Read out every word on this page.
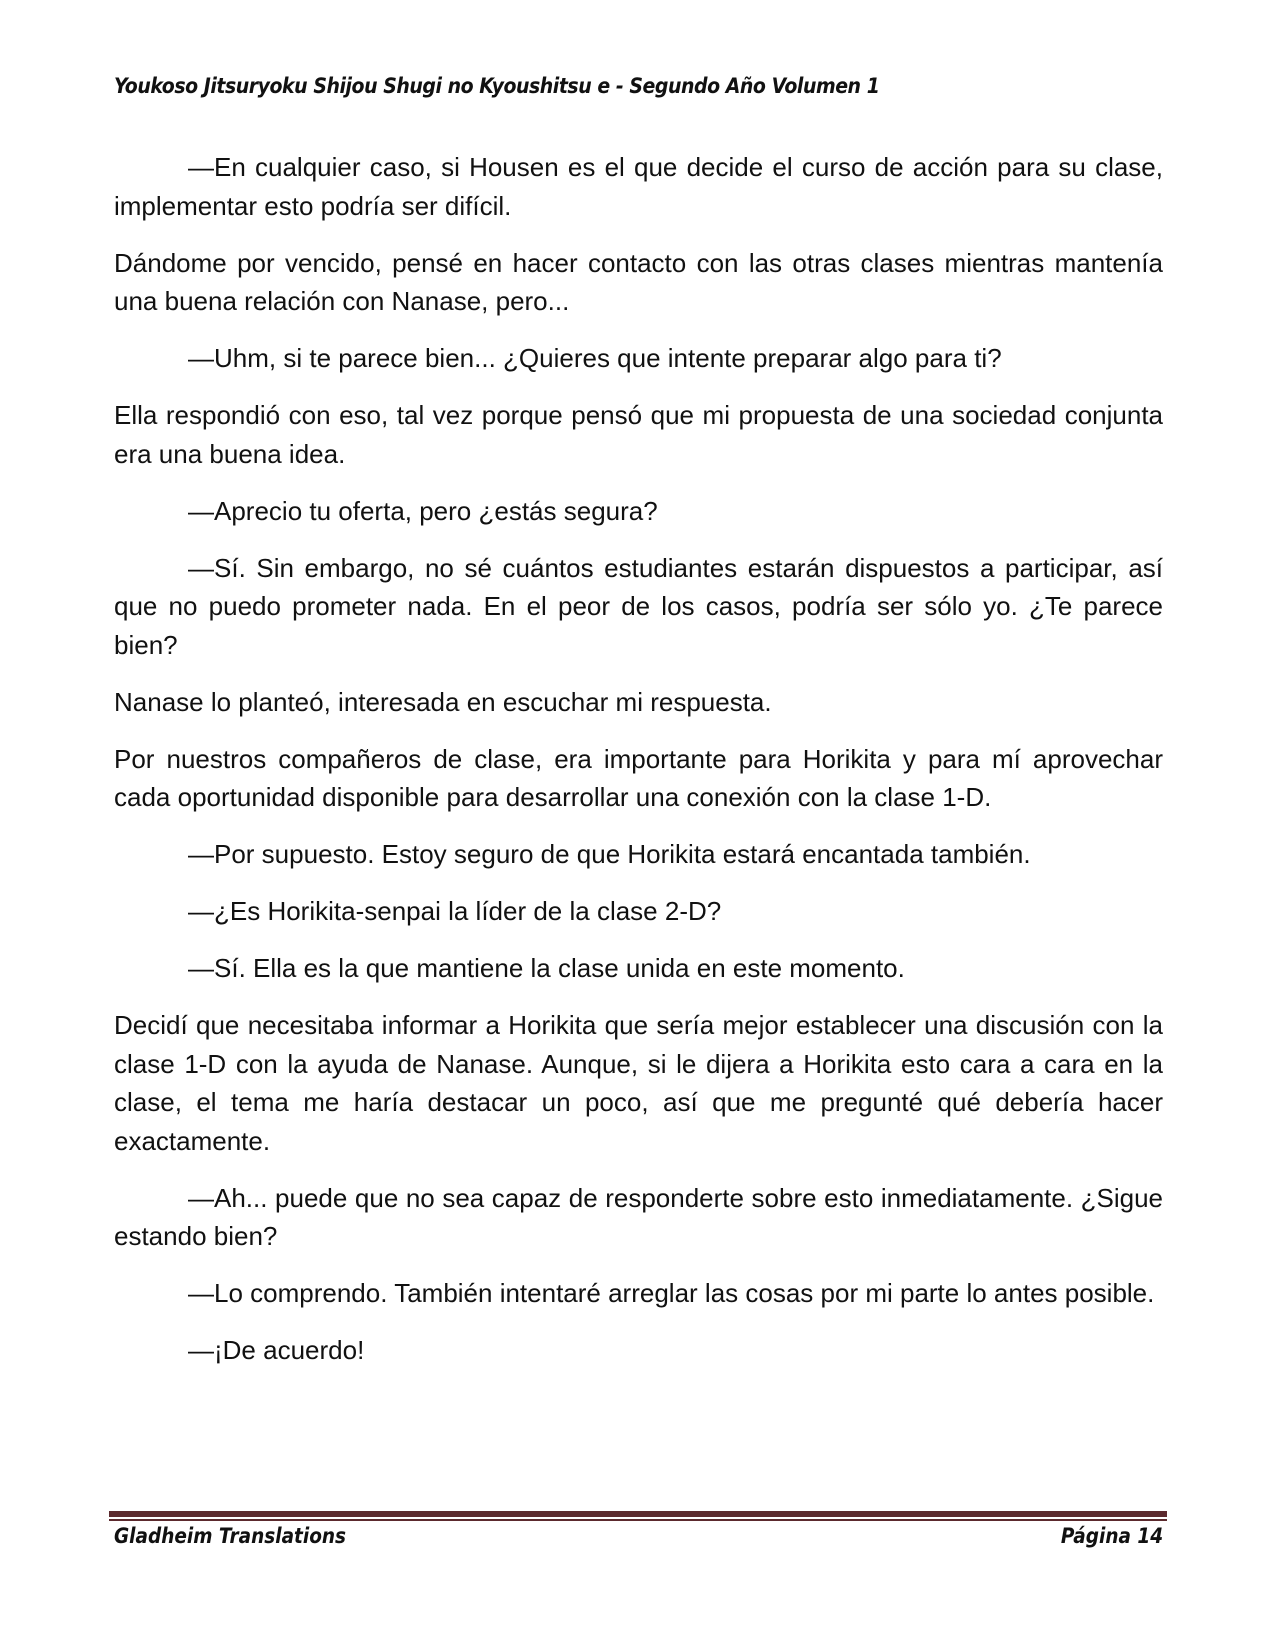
Youkoso Jitsuryoku Shijou Shugi no Kyoushitsu e - Segundo Año Volumen 1

—En cualquier caso, si Housen es el que decide el curso de acción para su clase, implementar esto podría ser difícil.

Dándome por vencido, pensé en hacer contacto con las otras clases mientras mantenía una buena relación con Nanase, pero...

—Uhm, si te parece bien... ¿Quieres que intente preparar algo para ti?

Ella respondió con eso, tal vez porque pensó que mi propuesta de una sociedad conjunta era una buena idea.

—Aprecio tu oferta, pero ¿estás segura?

—Sí. Sin embargo, no sé cuántos estudiantes estarán dispuestos a participar, así que no puedo prometer nada. En el peor de los casos, podría ser sólo yo. ¿Te parece bien?

Nanase lo planteó, interesada en escuchar mi respuesta.

Por nuestros compañeros de clase, era importante para Horikita y para mí aprovechar cada oportunidad disponible para desarrollar una conexión con la clase 1-D.

—Por supuesto. Estoy seguro de que Horikita estará encantada también.

—¿Es Horikita-senpai la líder de la clase 2-D?

—Sí. Ella es la que mantiene la clase unida en este momento.

Decidí que necesitaba informar a Horikita que sería mejor establecer una discusión con la clase 1-D con la ayuda de Nanase. Aunque, si le dijera a Horikita esto cara a cara en la clase, el tema me haría destacar un poco, así que me pregunté qué debería hacer exactamente.

—Ah... puede que no sea capaz de responderte sobre esto inmediatamente. ¿Sigue estando bien?

—Lo comprendo. También intentaré arreglar las cosas por mi parte lo antes posible.

—¡De acuerdo!

Gladheim Translations	Página 14
